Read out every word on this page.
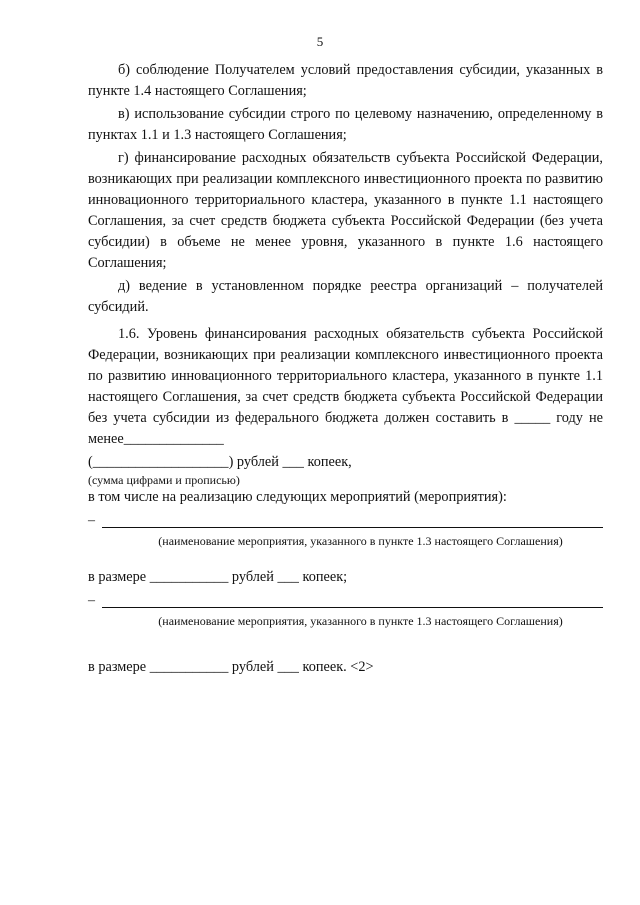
5

б) соблюдение Получателем условий предоставления субсидии, указанных в пункте 1.4 настоящего Соглашения;

в) использование субсидии строго по целевому назначению, определенному в пунктах 1.1 и 1.3 настоящего Соглашения;

г) финансирование расходных обязательств субъекта Российской Федерации, возникающих при реализации комплексного инвестиционного проекта по развитию инновационного территориального кластера, указанного в пункте 1.1 настоящего Соглашения, за счет средств бюджета субъекта Российской Федерации (без учета субсидии) в объеме не менее уровня, указанного в пункте 1.6 настоящего Соглашения;

д) ведение в установленном порядке реестра организаций – получателей субсидий.

1.6. Уровень финансирования расходных обязательств субъекта Российской Федерации, возникающих при реализации комплексного инвестиционного проекта по развитию инновационного территориального кластера, указанного в пункте 1.1 настоящего Соглашения, за счет средств бюджета субъекта Российской Федерации без учета субсидии из федерального бюджета должен составить в _____ году не менее______________

(___________________) рублей ___ копеек,

(сумма цифрами и прописью)

в том числе на реализацию следующих мероприятий (мероприятия):

–

(наименование мероприятия, указанного в пункте 1.3 настоящего Соглашения)

в размере ___________ рублей ___ копеек;

–

(наименование мероприятия, указанного в пункте 1.3 настоящего Соглашения)

в размере ___________ рублей ___ копеек. <2>
